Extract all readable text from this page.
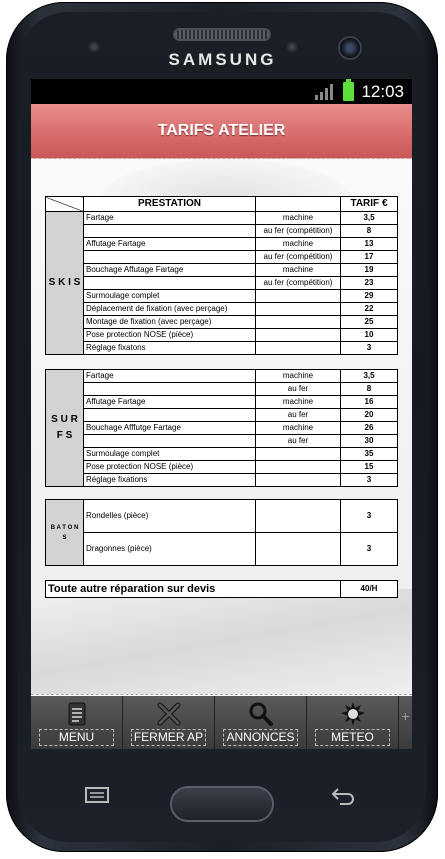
SAMSUNG
12:03
TARIFS ATELIER
	PRESTATION		TARIF €
S K I S	Fartage	machine	3,5
		au fer (compétition)	8
	Affutage Fartage	machine	13
		au fer (compétition)	17
	Bouchage Affutage Fartage	machine	19
		au fer (compétition)	23
	Surmoulage complet		29
	Déplacement de fixation (avec perçage)		22
	Montage de fixation (avec perçage)		25
	Pose protection NOSE (pièce)		10
	Réglage fixatons		3
S U R F S	Fartage	machine	3,5
		au fer	8
	Affutage Fartage	machine	16
		au fer	20
	Bouchage Afffutge Fartage	machine	26
		au fer	30
	Surmoulage complet		35
	Pose protection NOSE (pièce)		15
	Réglage fixations		3
B A T O N S	Rondelles (pièce)		3
	Dragonnes (pièce)		3
Toute autre réparation sur devis	40/H
MENU	FERMER AP ANNONCES	METEO
+
